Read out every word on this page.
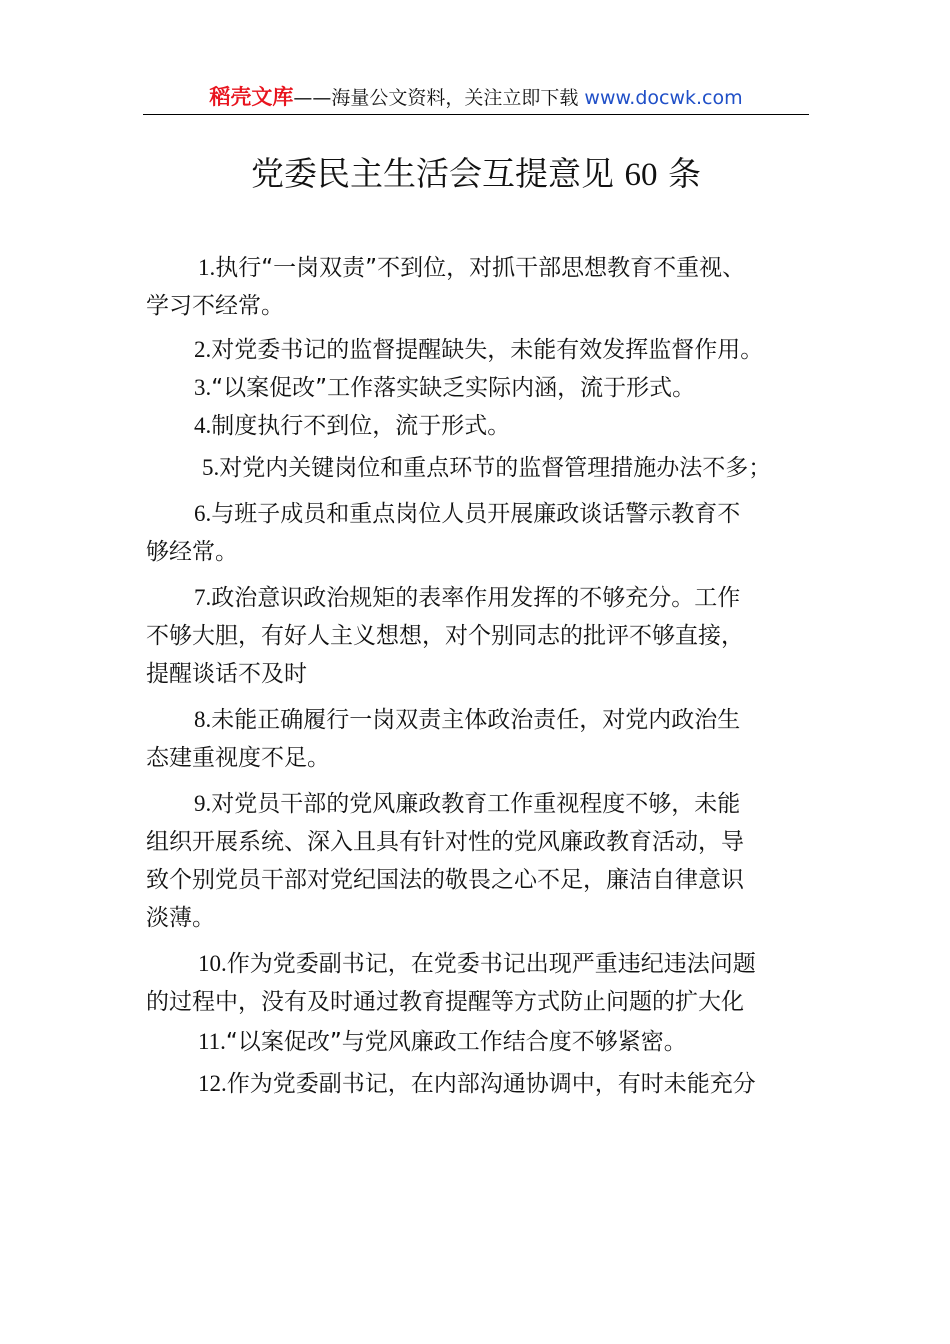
稻壳文库——海量公文资料，关注立即下载 www.docwk.com
党委民主生活会互提意见 60 条

1.执行“一岗双责”不到位，对抓干部思想教育不重视、
学习不经常。

2.对党委书记的监督提醒缺失，未能有效发挥监督作用。

3.“以案促改”工作落实缺乏实际内涵，流于形式。

4.制度执行不到位，流于形式。

5.对党内关键岗位和重点环节的监督管理措施办法不多；

6.与班子成员和重点岗位人员开展廉政谈话警示教育不
够经常。

7.政治意识政治规矩的表率作用发挥的不够充分。工作
不够大胆，有好人主义想想，对个别同志的批评不够直接，
提醒谈话不及时

8.未能正确履行一岗双责主体政治责任，对党内政治生
态建重视度不足。

9.对党员干部的党风廉政教育工作重视程度不够，未能
组织开展系统、深入且具有针对性的党风廉政教育活动，导
致个别党员干部对党纪国法的敬畏之心不足，廉洁自律意识
淡薄。

10.作为党委副书记，在党委书记出现严重违纪违法问题
的过程中，没有及时通过教育提醒等方式防止问题的扩大化

11.“以案促改”与党风廉政工作结合度不够紧密。

12.作为党委副书记，在内部沟通协调中，有时未能充分
